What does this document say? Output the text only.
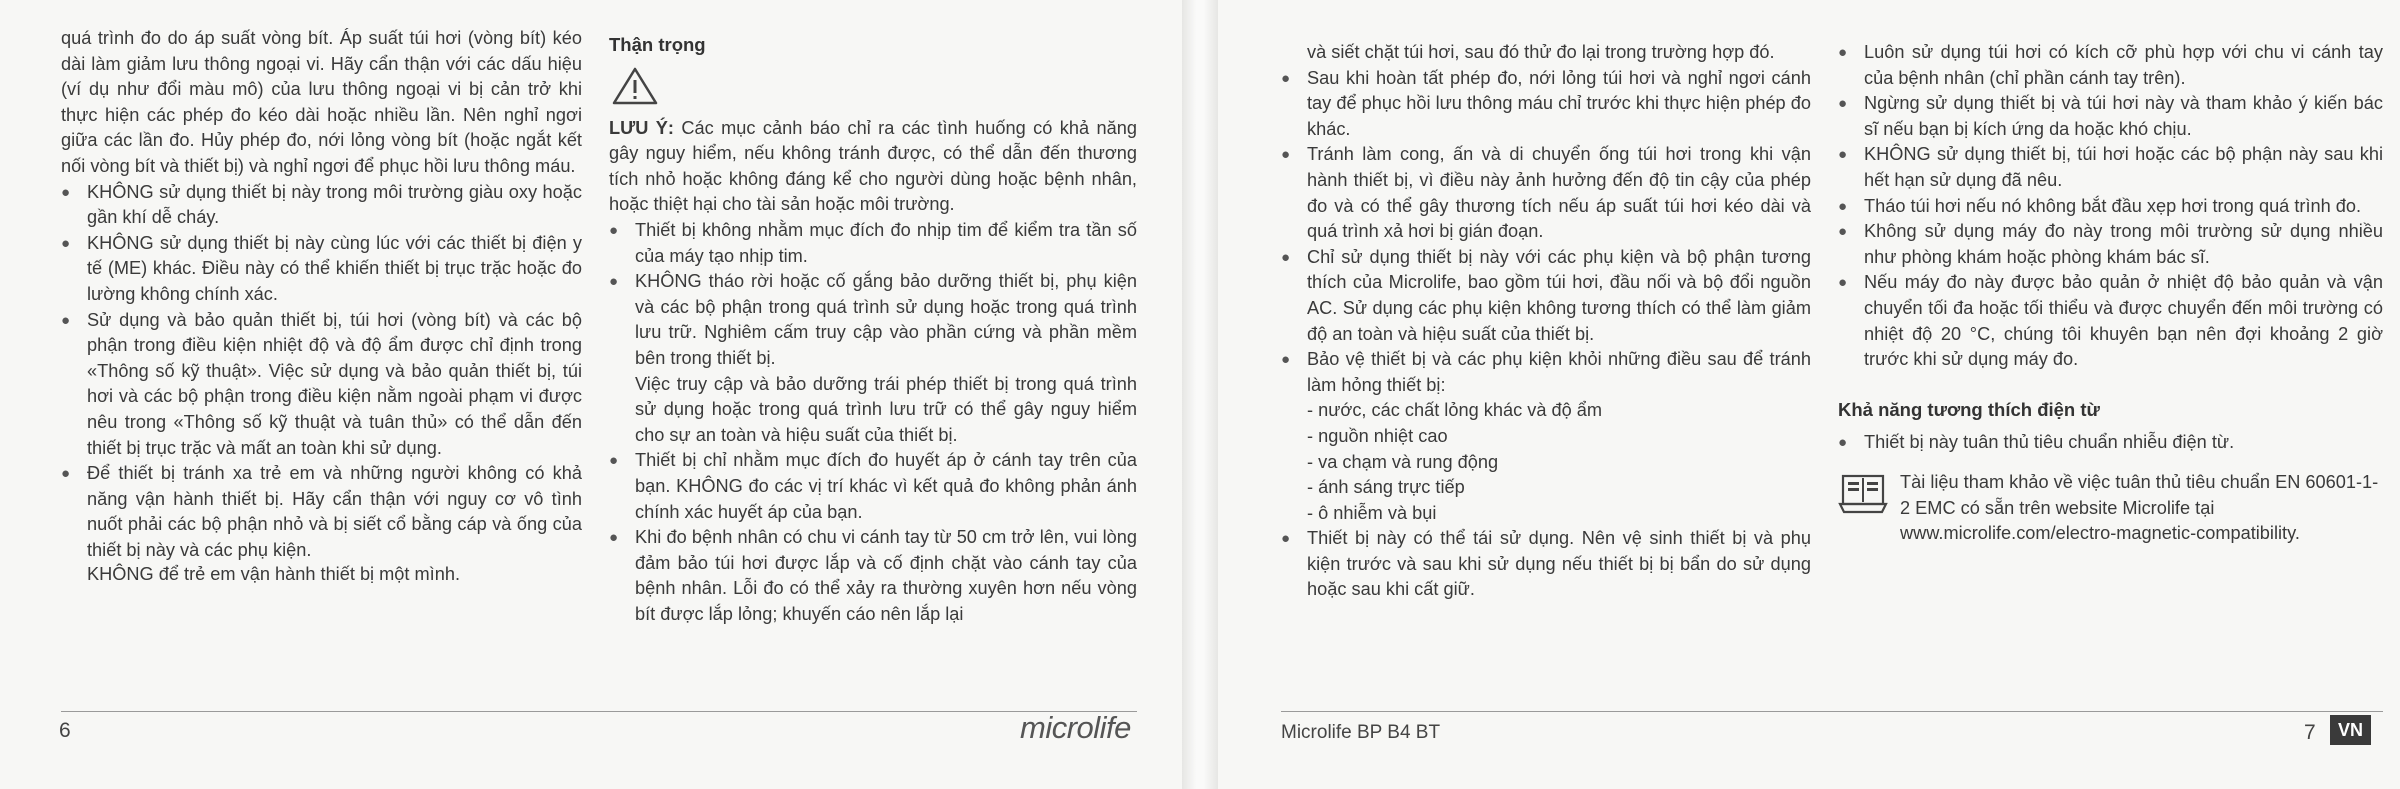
quá trình đo do áp suất vòng bít. Áp suất túi hơi (vòng bít) kéo dài làm giảm lưu thông ngoại vi. Hãy cẩn thận với các dấu hiệu (ví dụ như đổi màu mô) của lưu thông ngoại vi bị cản trở khi thực hiện các phép đo kéo dài hoặc nhiều lần. Nên nghỉ ngơi giữa các lần đo. Hủy phép đo, nới lỏng vòng bít (hoặc ngắt kết nối vòng bít và thiết bị) và nghỉ ngơi để phục hồi lưu thông máu.

● KHÔNG sử dụng thiết bị này trong môi trường giàu oxy hoặc gần khí dễ cháy.
● KHÔNG sử dụng thiết bị này cùng lúc với các thiết bị điện y tế (ME) khác. Điều này có thể khiến thiết bị trục trặc hoặc đo lường không chính xác.
● Sử dụng và bảo quản thiết bị, túi hơi (vòng bít) và các bộ phận trong điều kiện nhiệt độ và độ ẩm được chỉ định trong «Thông số kỹ thuật». Việc sử dụng và bảo quản thiết bị, túi hơi và các bộ phận trong điều kiện nằm ngoài phạm vi được nêu trong «Thông số kỹ thuật và tuân thủ» có thể dẫn đến thiết bị trục trặc và mất an toàn khi sử dụng.
● Để thiết bị tránh xa trẻ em và những người không có khả năng vận hành thiết bị. Hãy cẩn thận với nguy cơ vô tình nuốt phải các bộ phận nhỏ và bị siết cổ bằng cáp và ống của thiết bị này và các phụ kiện.

KHÔNG để trẻ em vận hành thiết bị một mình.

Thận trọng

LƯU Ý: Các mục cảnh báo chỉ ra các tình huống có khả năng gây nguy hiểm, nếu không tránh được, có thể dẫn đến thương tích nhỏ hoặc không đáng kể cho người dùng hoặc bệnh nhân, hoặc thiệt hại cho tài sản hoặc môi trường.

● Thiết bị không nhằm mục đích đo nhịp tim để kiểm tra tần số của máy tạo nhịp tim.
● KHÔNG tháo rời hoặc cố gắng bảo dưỡng thiết bị, phụ kiện và các bộ phận trong quá trình sử dụng hoặc trong quá trình lưu trữ. Nghiêm cấm truy cập vào phần cứng và phần mềm bên trong thiết bị.

Việc truy cập và bảo dưỡng trái phép thiết bị trong quá trình sử dụng hoặc trong quá trình lưu trữ có thể gây nguy hiểm cho sự an toàn và hiệu suất của thiết bị.

● Thiết bị chỉ nhằm mục đích đo huyết áp ở cánh tay trên của bạn. KHÔNG đo các vị trí khác vì kết quả đo không phản ánh chính xác huyết áp của bạn.
● Khi đo bệnh nhân có chu vi cánh tay từ 50 cm trở lên, vui lòng đảm bảo túi hơi được lắp và cố định chặt vào cánh tay của bệnh nhân. Lỗi đo có thể xảy ra thường xuyên hơn nếu vòng bít được lắp lỏng; khuyến cáo nên lắp lại
6	microlife

và siết chặt túi hơi, sau đó thử đo lại trong trường hợp đó.

● Sau khi hoàn tất phép đo, nới lỏng túi hơi và nghỉ ngơi cánh tay để phục hồi lưu thông máu chỉ trước khi thực hiện phép đo khác.
● Tránh làm cong, ấn và di chuyển ống túi hơi trong khi vận hành thiết bị, vì điều này ảnh hưởng đến độ tin cậy của phép đo và có thể gây thương tích nếu áp suất túi hơi kéo dài và quá trình xả hơi bị gián đoạn.
● Chỉ sử dụng thiết bị này với các phụ kiện và bộ phận tương thích của Microlife, bao gồm túi hơi, đầu nối và bộ đổi nguồn AC. Sử dụng các phụ kiện không tương thích có thể làm giảm độ an toàn và hiệu suất của thiết bị.
● Bảo vệ thiết bị và các phụ kiện khỏi những điều sau để tránh làm hỏng thiết bị:
- nước, các chất lỏng khác và độ ẩm
- nguồn nhiệt cao
- va chạm và rung động
- ánh sáng trực tiếp
- ô nhiễm và bụi
● Thiết bị này có thể tái sử dụng. Nên vệ sinh thiết bị và phụ kiện trước và sau khi sử dụng nếu thiết bị bị bẩn do sử dụng hoặc sau khi cất giữ.
● Luôn sử dụng túi hơi có kích cỡ phù hợp với chu vi cánh tay của bệnh nhân (chỉ phần cánh tay trên).
● Ngừng sử dụng thiết bị và túi hơi này và tham khảo ý kiến bác sĩ nếu bạn bị kích ứng da hoặc khó chịu.
● KHÔNG sử dụng thiết bị, túi hơi hoặc các bộ phận này sau khi hết hạn sử dụng đã nêu.
● Tháo túi hơi nếu nó không bắt đầu xẹp hơi trong quá trình đo.
● Không sử dụng máy đo này trong môi trường sử dụng nhiều như phòng khám hoặc phòng khám bác sĩ.
● Nếu máy đo này được bảo quản ở nhiệt độ bảo quản và vận chuyển tối đa hoặc tối thiểu và được chuyển đến môi trường có nhiệt độ 20 °C, chúng tôi khuyên bạn nên đợi khoảng 2 giờ trước khi sử dụng máy đo.
Khả năng tương thích điện từ
● Thiết bị này tuân thủ tiêu chuẩn nhiễu điện từ.

Tài liệu tham khảo về việc tuân thủ tiêu chuẩn EN 60601-1-2 EMC có sẵn trên website Microlife tại www.microlife.com/electro-magnetic-compatibility.

Microlife BP B4 BT	7	VN
